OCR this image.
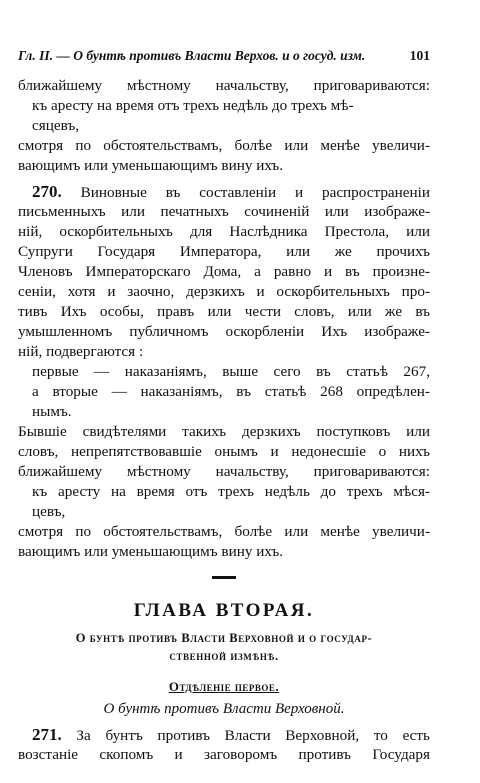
Гл. II. — О бунтѣ противъ Власти Верхов. и о госуд. изм.	101
ближайшему мѣстному начальству, приговариваются:
къ аресту на время отъ трехъ недѣль до трехъ мѣ-
сяцевъ,
смотря по обстоятельствамъ, болѣе или менѣе увеличи-
вающимъ или уменьшающимъ вину ихъ.
270. Виновные въ составленіи и распространеніи
письменныхъ или печатныхъ сочиненій или изображе-
ній, оскорбительныхъ для Наслѣдника Престола, или
Супруги Государя Императора, или же прочихъ
Членовъ Императорскаго Дома, а равно и въ произне-
сеніи, хотя и заочно, дерзкихъ и оскорбительныхъ про-
тивъ Ихъ особы, правъ или чести словъ, или же въ
умышленномъ публичномъ оскорбленіи Ихъ изображе-
ній, подвергаются :
первые — наказаніямъ, выше сего въ статьѣ 267,
а вторые — наказаніямъ, въ статьѣ 268 опредѣлен-
нымъ.
Бывшіе свидѣтелями такихъ дерзкихъ поступковъ или
словъ, непрепятствовавшіе онымъ и недонесшіе о нихъ
ближайшему мѣстному начальству, приговариваются:
къ аресту на время отъ трехъ недѣль до трехъ мѣся-
цевъ,
смотря по обстоятельствамъ, болѣе или менѣе увеличи-
вающимъ или уменьшающимъ вину ихъ.
ГЛАВА ВТОРАЯ.
О бунтѣ противъ Власти Верховной и о государ-
ственной измѣнѣ.
Отдѣленіе первое.
О бунтѣ противъ Власти Верховной.
271. За бунтъ противъ Власти Верховной, то есть
возстаніе скопомъ и заговоромъ противъ Государя
